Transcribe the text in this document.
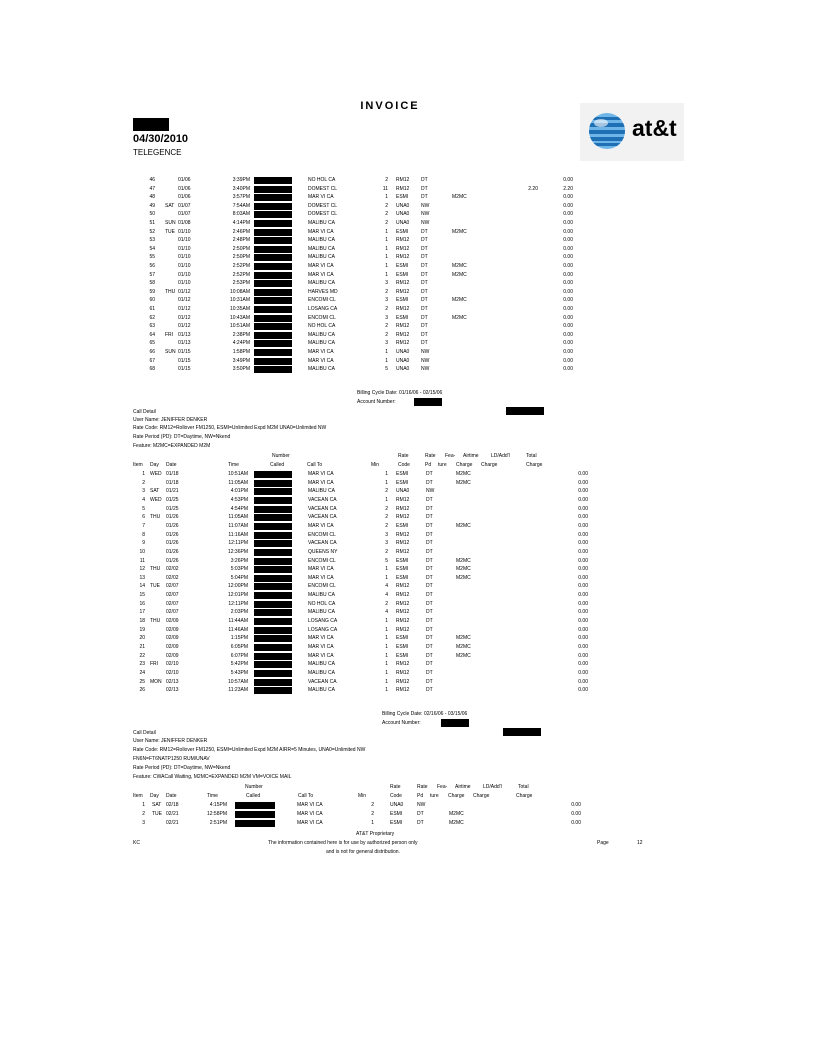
INVOICE
04/30/2010
TELEGENCE
at&t
46	01/06	3:39PM	NO HOL CA	2 RM12 DT	0.00
47	01/06	3:40PM	DOMEST CL	11 RM12 DT	2.20	2.20
48	01/06	3:57PM	MAR VI CA	1 ESMI	DT	M2MC	0.00
49 SAT 01/07	7:54AM	DOMEST CL	2 UNA0 NW	0.00
50	01/07	8:03AM	DOMEST CL	2 UNA0 NW	0.00
51 SUN 01/08	4:14PM	MALIBU CA	2 UNA0 NW	0.00
52 TUE 01/10	2:46PM	MAR VI CA	1 ESMI	DT	M2MC	0.00
53	01/10	2:48PM	MALIBU CA	1 RM12 DT	0.00
54	01/10	2:50PM	MALIBU CA	1 RM12 DT	0.00
55	01/10	2:50PM	MALIBU CA	1 RM12 DT	0.00
56	01/10	2:52PM	MAR VI CA	1 ESMI	DT	M2MC	0.00
57	01/10	2:52PM	MAR VI CA	1 ESMI	DT	M2MC	0.00
58	01/10	2:53PM	MALIBU CA	3 RM12 DT	0.00
59 THU 01/12	10:08AM	HARVES MD	2 RM12 DT	0.00
60	01/12	10:31AM	ENCOMI CL	3 ESMI	DT	M2MC	0.00
61	01/12	10:35AM	LOSANG CA	2 RM12 DT	0.00
62	01/12	10:43AM	ENCOMI CL	3 ESMI	DT	M2MC	0.00
63	01/12	10:51AM	NO HOL CA	2 RM12 DT	0.00
64 FRI 01/13	2:38PM	MALIBU CA	2 RM12 DT	0.00
65	01/13	4:24PM	MALIBU CA	3 RM12 DT	0.00
66 SUN 01/15	1:58PM	MAR VI CA	1 UNA0 NW	0.00
67	01/15	3:49PM	MAR VI CA	1 UNA0 NW	0.00
68	01/15	3:50PM	MALIBU CA	5 UNA0 NW	0.00
Billing Cycle Date: 01/16/06 - 02/15/06
Account Number:
Call Detail
User Name: JENIFFER DENKER
Rate Code: RM12=Rollover FM1250, ESMI=Unlimited Expd M2M UNA0=Unlimited NW
Rate Period (PD): DT=Daytime, NW=Nkend
Feature: M2MC=EXPANDED M2M
Number	Rate	Rate Fea- Airtime LD/Add'l	Total
Item Day Date	Time	Called	Call To	Min	Code	Pd ture Charge Charge	Charge
1 WED 01/18	10:51AM	MAR VI CA	1 ESMI	DT	M2MC	0.00
2	01/18	11:05AM	MAR VI CA	1 ESMI	DT	M2MC	0.00
3 SAT 01/21	4:01PM	MALIBU CA	2 UNA0	NW	0.00
4 WED 01/25	4:53PM	VACEAN CA	1 RM12	DT	0.00
5	01/25	4:54PM	VACEAN CA	2 RM12	DT	0.00
6 THU 01/26	11:05AM	VACEAN CA	2 RM12	DT	0.00
7	01/26	11:07AM	MAR VI CA	2 ESMI	DT	M2MC	0.00
8	01/26	11:16AM	ENCOMI CL	3 RM12	DT	0.00
9	01/26	12:11PM	VACEAN CA	3 RM12	DT	0.00
10	01/26	12:36PM	QUEENS NY	2 RM12	DT	0.00
11	01/26	3:26PM	ENCOMI CL	5 ESMI	DT	M2MC	0.00
12 THU 02/02	5:03PM	MAR VI CA	1 ESMI	DT	M2MC	0.00
13	02/02	5:04PM	MAR VI CA	1 ESMI	DT	M2MC	0.00
14 TUE 02/07	12:00PM	ENCOMI CL	4 RM12	DT	0.00
15	02/07	12:01PM	MALIBU CA	4 RM12	DT	0.00
16	02/07	12:11PM	NO HOL CA	2 RM12	DT	0.00
17	02/07	2:03PM	MALIBU CA	4 RM12	DT	0.00
18 THU 02/09	11:44AM	LOSANG CA	1 RM12	DT	0.00
19	02/09	11:46AM	LOSANG CA	1 RM12	DT	0.00
20	02/09	1:15PM	MAR VI CA	1 ESMI	DT	M2MC	0.00
21	02/09	6:05PM	MAR VI CA	1 ESMI	DT	M2MC	0.00
22	02/09	6:07PM	MAR VI CA	1 ESMI	DT	M2MC	0.00
23 FRI 02/10	5:42PM	MALIBU CA	1 RM12	DT	0.00
24	02/10	5:43PM	MALIBU CA	1 RM12	DT	0.00
25 MON 02/13	10:57AM	VACEAN CA	1 RM12	DT	0.00
26	02/13	11:23AM	MALIBU CA	1 RM12	DT	0.00
Billing Cycle Date: 02/16/06 - 03/15/06
Account Number:
Call Detail
User Name: JENIFFER DENKER
Rate Code: RM12=Rollover FM1250, ESMI=Unlimited Expd M2M AIRR=5 Minutes, UNA0=Unlimited NW
FN6N=FT6NATP1250 RUM/UNAV
Rate Period (PD): DT=Daytime, NW=Nkend
Feature: CWACall Waiting, M2MC=EXPANDED M2M VM=VOICE MAIL
Number	Rate	Rate Fea- Airtime LD/Add'l	Total
Item Day Date	Time	Called	Call To	Min	Code	Pd ture Charge Charge	Charge
1 SAT 02/18	4:15PM	MAR VI CA	2	UNA0	NW	0.00
2 TUE 02/21	12:58PM	MAR VI CA	2	ESMI	DT	M2MC	0.00
3	02/21	2:51PM	MAR VI CA	1	ESMI	DT	M2MC	0.00
AT&T Proprietary
KC	The information contained here is for use by authorized person only
and is not for general distribution.
Page	12
